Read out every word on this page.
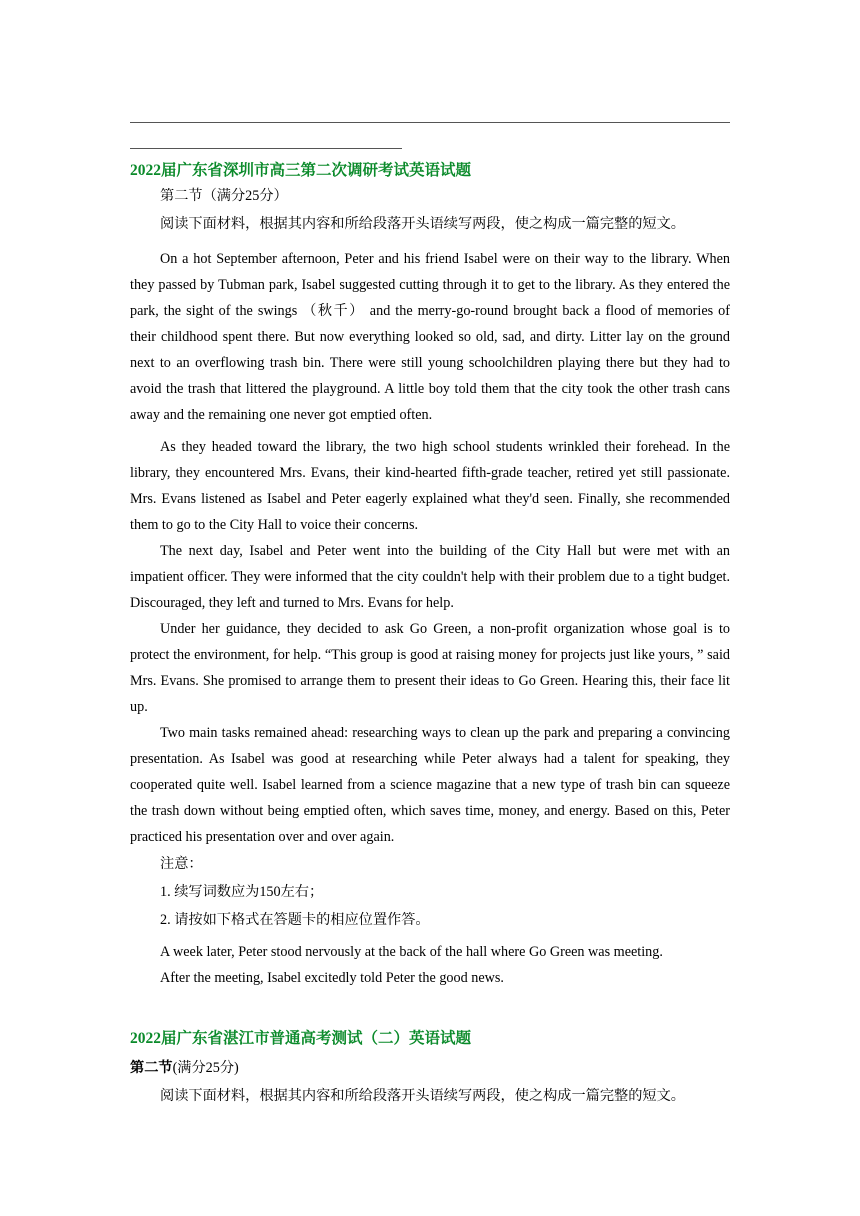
2022届广东省深圳市高三第二次调研考试英语试题
第二节（满分25分）
阅读下面材料，根据其内容和所给段落开头语续写两段，使之构成一篇完整的短文。
On a hot September afternoon, Peter and his friend Isabel were on their way to the library. When they passed by Tubman park, Isabel suggested cutting through it to get to the library. As they entered the park, the sight of the swings （秋千） and the merry-go-round brought back a flood of memories of their childhood spent there. But now everything looked so old, sad, and dirty. Litter lay on the ground next to an overflowing trash bin. There were still young schoolchildren playing there but they had to avoid the trash that littered the playground. A little boy told them that the city took the other trash cans away and the remaining one never got emptied often.
As they headed toward the library, the two high school students wrinkled their forehead. In the library, they encountered Mrs. Evans, their kind-hearted fifth-grade teacher, retired yet still passionate. Mrs. Evans listened as Isabel and Peter eagerly explained what they'd seen. Finally, she recommended them to go to the City Hall to voice their concerns.
The next day, Isabel and Peter went into the building of the City Hall but were met with an impatient officer. They were informed that the city couldn't help with their problem due to a tight budget. Discouraged, they left and turned to Mrs. Evans for help.
Under her guidance, they decided to ask Go Green, a non-profit organization whose goal is to protect the environment, for help. “This group is good at raising money for projects just like yours, ” said Mrs. Evans. She promised to arrange them to present their ideas to Go Green. Hearing this, their face lit up.
Two main tasks remained ahead: researching ways to clean up the park and preparing a convincing presentation. As Isabel was good at researching while Peter always had a talent for speaking, they cooperated quite well. Isabel learned from a science magazine that a new type of trash bin can squeeze the trash down without being emptied often, which saves time, money, and energy. Based on this, Peter practiced his presentation over and over again.
注意：
1. 续写词数应为150左右；
2. 请按如下格式在答题卡的相应位置作答。
A week later, Peter stood nervously at the back of the hall where Go Green was meeting.
After the meeting, Isabel excitedly told Peter the good news.
2022届广东省湛江市普通高考测试（二）英语试题
第二节(满分25分)
阅读下面材料，根据其内容和所给段落开头语续写两段，使之构成一篇完整的短文。
